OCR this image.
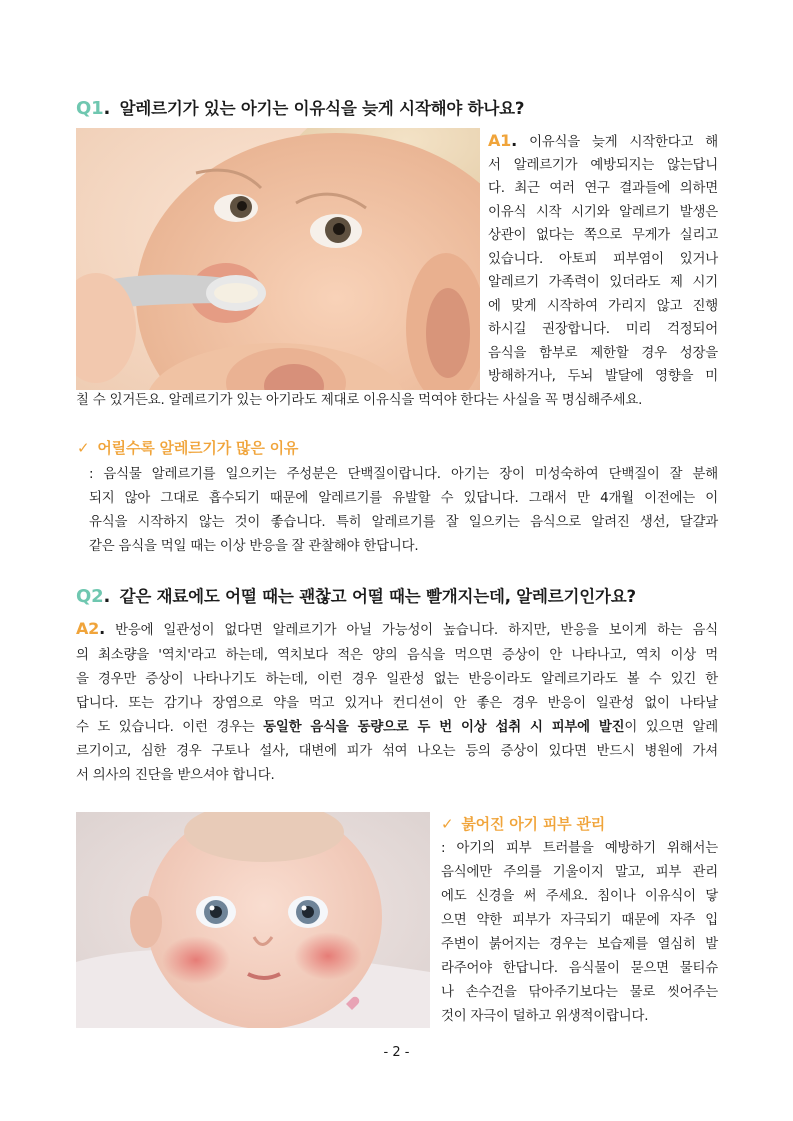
Q1. 알레르기가 있는 아기는 이유식을 늦게 시작해야 하나요?
A1. 이유식을 늦게 시작한다고 해
서 알레르기가 예방되지는 않는답니
다. 최근 여러 연구 결과들에 의하면
이유식 시작 시기와 알레르기 발생은
상관이 없다는 쪽으로 무게가 실리고
있습니다. 아토피 피부염이 있거나
알레르기 가족력이 있더라도 제 시기
에 맞게 시작하여 가리지 않고 진행
하시길 권장합니다. 미리 걱정되어
음식을 함부로 제한할 경우 성장을
방해하거나, 두뇌 발달에 영향을 미
칠 수 있거든요. 알레르기가 있는 아기라도 제대로 이유식을 먹여야 한다는 사실을 꼭 명심해주세요.
✓ 어릴수록 알레르기가 많은 이유
: 음식물 알레르기를 일으키는 주성분은 단백질이랍니다. 아기는 장이 미성숙하여 단백질이 잘 분해
되지 않아 그대로 흡수되기 때문에 알레르기를 유발할 수 있답니다. 그래서 만 4개월 이전에는 이
유식을 시작하지 않는 것이 좋습니다. 특히 알레르기를 잘 일으키는 음식으로 알려진 생선, 달걀과
같은 음식을 먹일 때는 이상 반응을 잘 관찰해야 한답니다.
Q2. 같은 재료에도 어떨 때는 괜찮고 어떨 때는 빨개지는데, 알레르기인가요?
A2. 반응에 일관성이 없다면 알레르기가 아닐 가능성이 높습니다. 하지만, 반응을 보이게 하는 음식
의 최소량을 '역치'라고 하는데, 역치보다 적은 양의 음식을 먹으면 증상이 안 나타나고, 역치 이상 먹
을 경우만 증상이 나타나기도 하는데, 이런 경우 일관성 없는 반응이라도 알레르기라도 볼 수 있긴 한
답니다. 또는 감기나 장염으로 약을 먹고 있거나 컨디션이 안 좋은 경우 반응이 일관성 없이 나타날
수 도 있습니다. 이런 경우는 동일한 음식을 동량으로 두 번 이상 섭취 시 피부에 발진이 있으면 알레
르기이고, 심한 경우 구토나 설사, 대변에 피가 섞여 나오는 등의 증상이 있다면 반드시 병원에 가셔
서 의사의 진단을 받으셔야 합니다.
✓ 붉어진 아기 피부 관리
: 아기의 피부 트러블을 예방하기 위해서는
음식에만 주의를 기울이지 말고, 피부 관리
에도 신경을 써 주세요. 침이나 이유식이 닿
으면 약한 피부가 자극되기 때문에 자주 입
주변이 붉어지는 경우는 보습제를 열심히 발
라주어야 한답니다. 음식물이 묻으면 물티슈
나 손수건을 닦아주기보다는 물로 씻어주는
것이 자극이 덜하고 위생적이랍니다.
- 2 -
